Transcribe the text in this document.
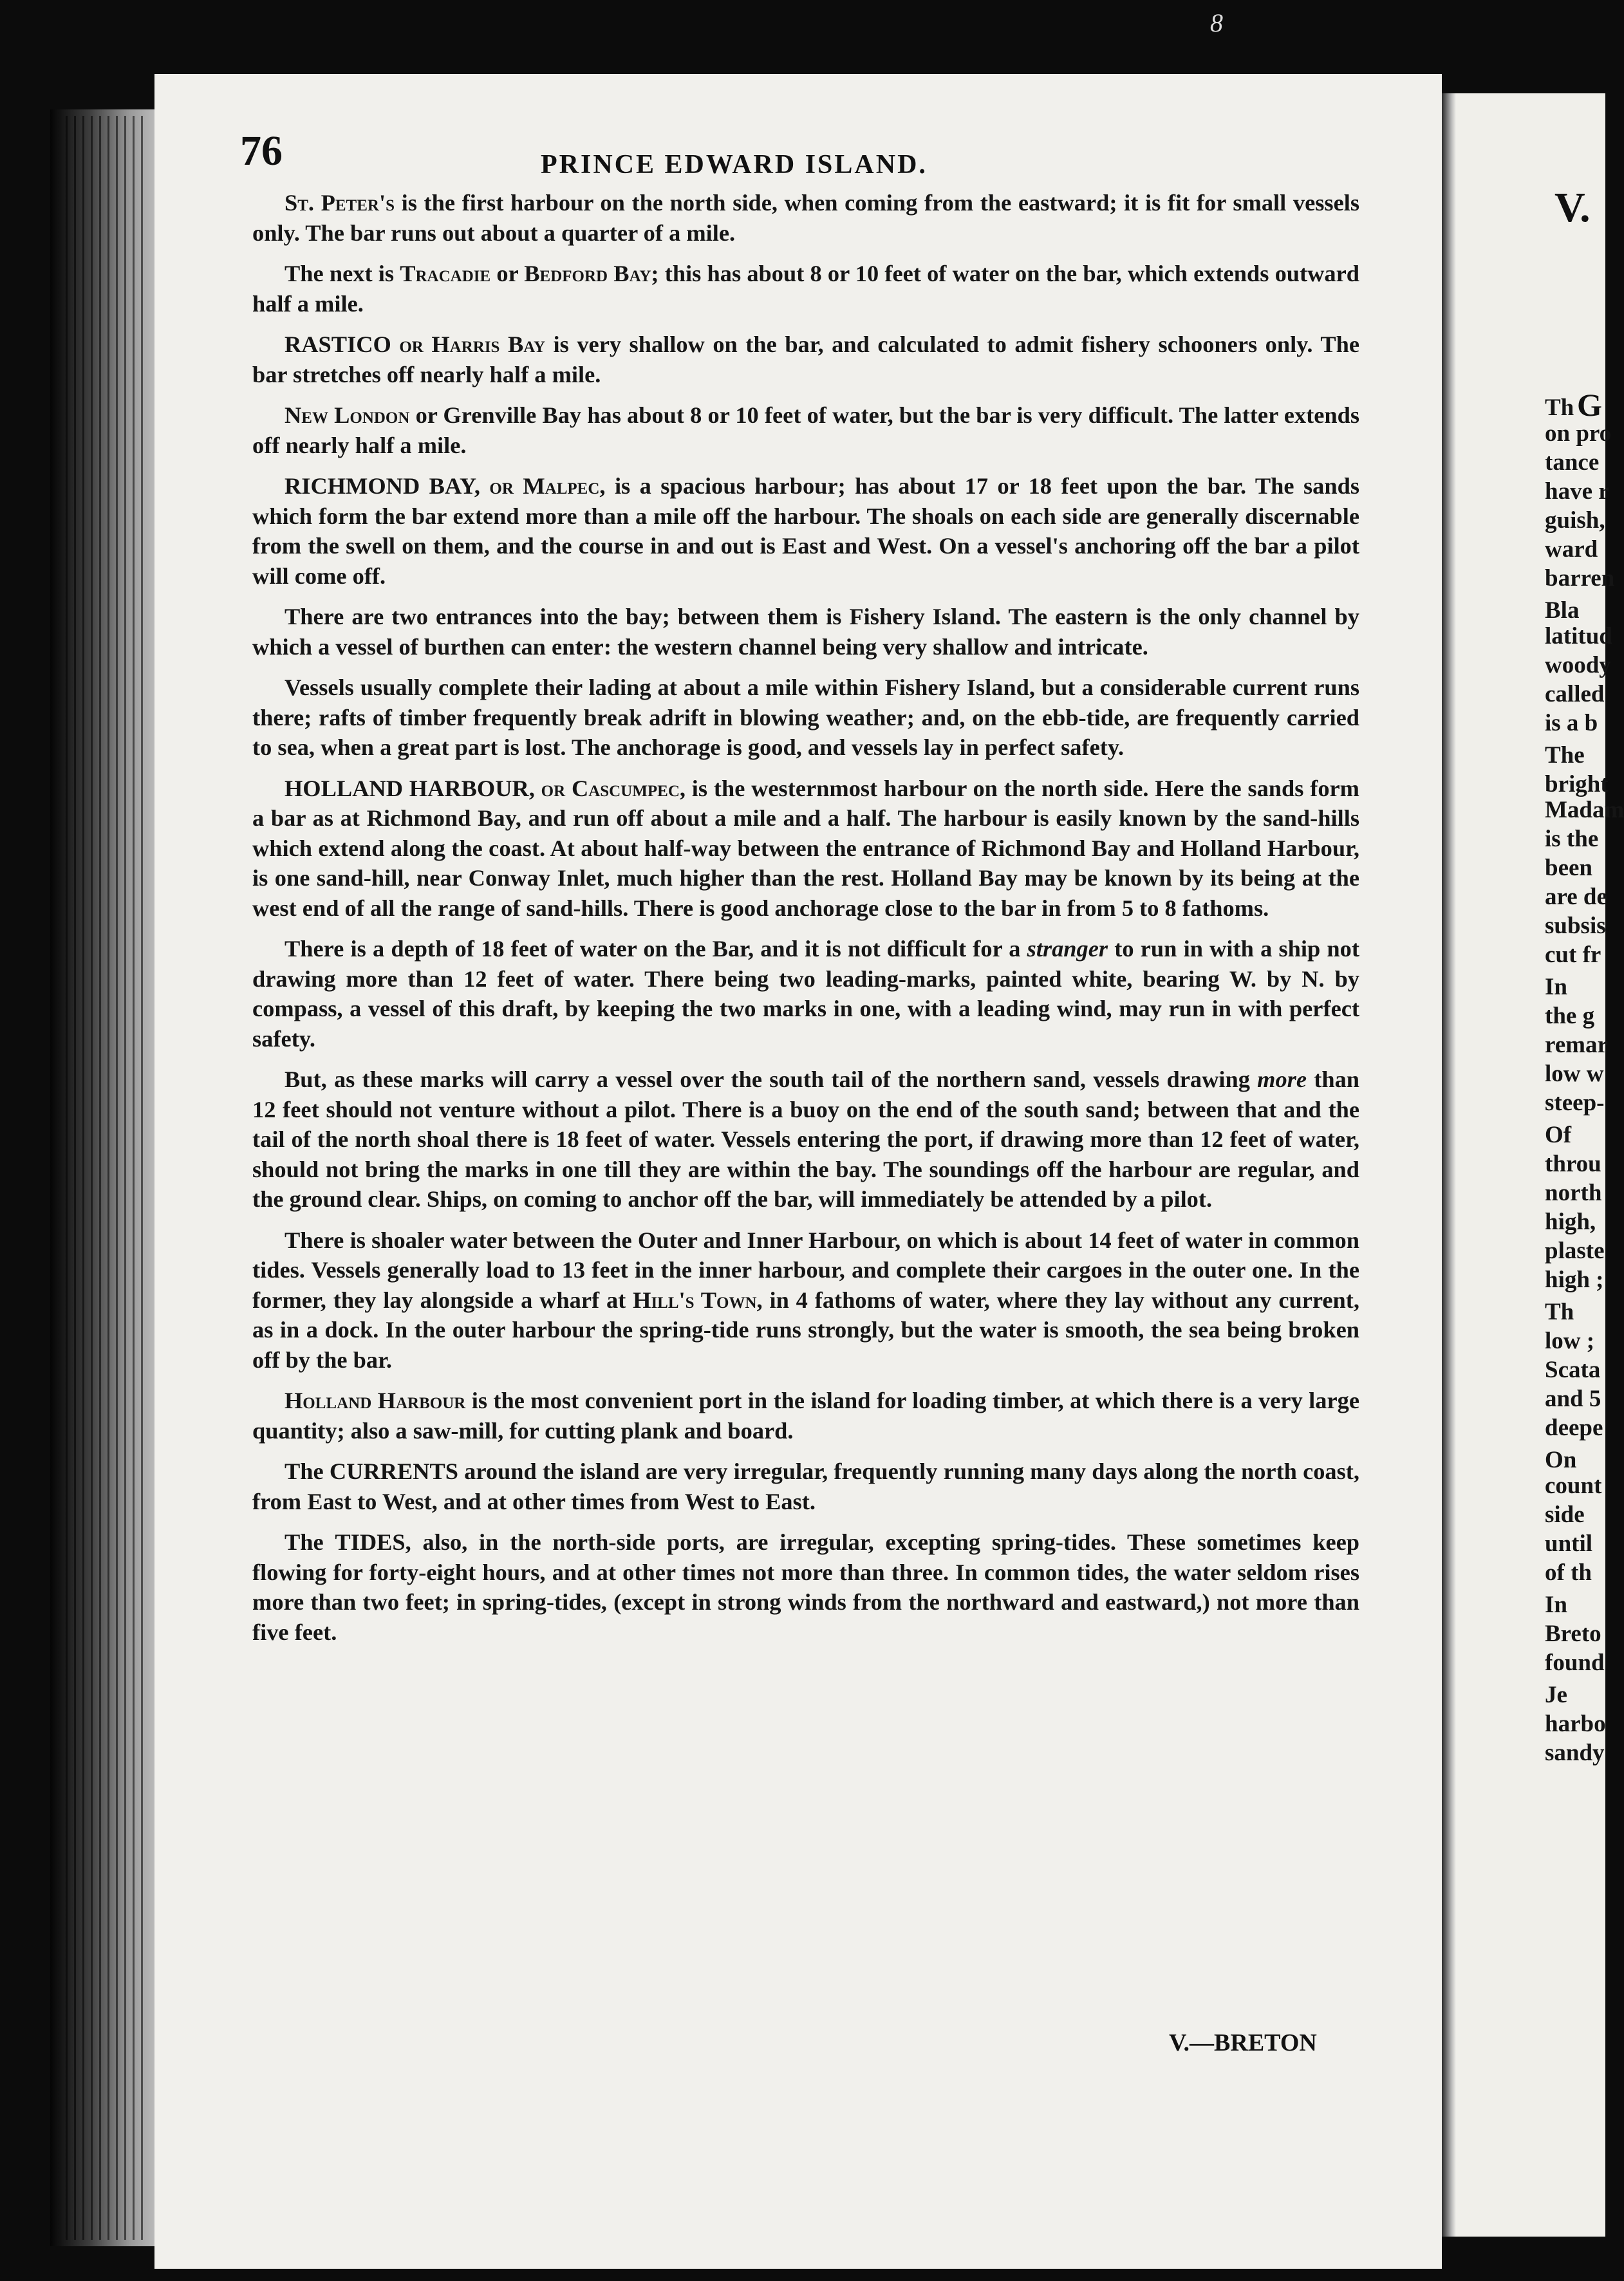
8
76	PRINCE EDWARD ISLAND.

St. Peter's is the first harbour on the north side, when coming from the eastward; it is fit for small vessels only. The bar runs out about a quarter of a mile.

The next is Tracadie or Bedford Bay; this has about 8 or 10 feet of water on the bar, which extends outward half a mile.

RASTICO or Harris Bay is very shallow on the bar, and calculated to admit fishery schooners only. The bar stretches off nearly half a mile.

New London or Grenville Bay has about 8 or 10 feet of water, but the bar is very difficult. The latter extends off nearly half a mile.

RICHMOND BAY, or Malpec, is a spacious harbour; has about 17 or 18 feet upon the bar. The sands which form the bar extend more than a mile off the harbour. The shoals on each side are generally discernable from the swell on them, and the course in and out is East and West. On a vessel's anchoring off the bar a pilot will come off.

There are two entrances into the bay; between them is Fishery Island. The eastern is the only channel by which a vessel of burthen can enter: the western channel being very shallow and intricate.

Vessels usually complete their lading at about a mile within Fishery Island, but a considerable current runs there; rafts of timber frequently break adrift in blowing weather; and, on the ebb-tide, are frequently carried to sea, when a great part is lost. The anchorage is good, and vessels lay in perfect safety.

HOLLAND HARBOUR, or Cascumpec, is the westernmost harbour on the north side. Here the sands form a bar as at Richmond Bay, and run off about a mile and a half. The harbour is easily known by the sand-hills which extend along the coast. At about half-way between the entrance of Richmond Bay and Holland Harbour, is one sand-hill, near Conway Inlet, much higher than the rest. Holland Bay may be known by its being at the west end of all the range of sand-hills. There is good anchorage close to the bar in from 5 to 8 fathoms.

There is a depth of 18 feet of water on the Bar, and it is not difficult for a stranger to run in with a ship not drawing more than 12 feet of water. There being two leading-marks, painted white, bearing W. by N. by compass, a vessel of this draft, by keeping the two marks in one, with a leading wind, may run in with perfect safety.

But, as these marks will carry a vessel over the south tail of the northern sand, vessels drawing more than 12 feet should not venture without a pilot. There is a buoy on the end of the south sand; between that and the tail of the north shoal there is 18 feet of water. Vessels entering the port, if drawing more than 12 feet of water, should not bring the marks in one till they are within the bay. The soundings off the harbour are regular, and the ground clear. Ships, on coming to anchor off the bar, will immediately be attended by a pilot.

There is shoaler water between the Outer and Inner Harbour, on which is about 14 feet of water in common tides. Vessels generally load to 13 feet in the inner harbour, and complete their cargoes in the outer one. In the former, they lay alongside a wharf at Hill's Town, in 4 fathoms of water, where they lay without any current, as in a dock. In the outer harbour the spring-tide runs strongly, but the water is smooth, the sea being broken off by the bar.

Holland Harbour is the most convenient port in the island for loading timber, at which there is a very large quantity; also a saw-mill, for cutting plank and board.

The CURRENTS around the island are very irregular, frequently running many days along the north coast, from East to West, and at other times from West to East.

The TIDES, also, in the north-side ports, are irregular, excepting spring-tides. These sometimes keep flowing for forty-eight hours, and at other times not more than three. In common tides, the water seldom rises more than two feet; in spring-tides, (except in strong winds from the northward and eastward,) not more than five feet.

V.—BRETON
V.
G
Th
on pro
tance
have r
guish,
ward
barren
Bla
latitud
woody
called
is a b
The
bright
Madam
is the
been
are de
subsis
cut fr
In
the g
remar
low w
steep-
Of
throu
north
high,
plaste
high ;
Th
low ;
Scata
and 5
deepe
On
count
side
until
of th
In
Breto
found
Je
harbo
sandy
